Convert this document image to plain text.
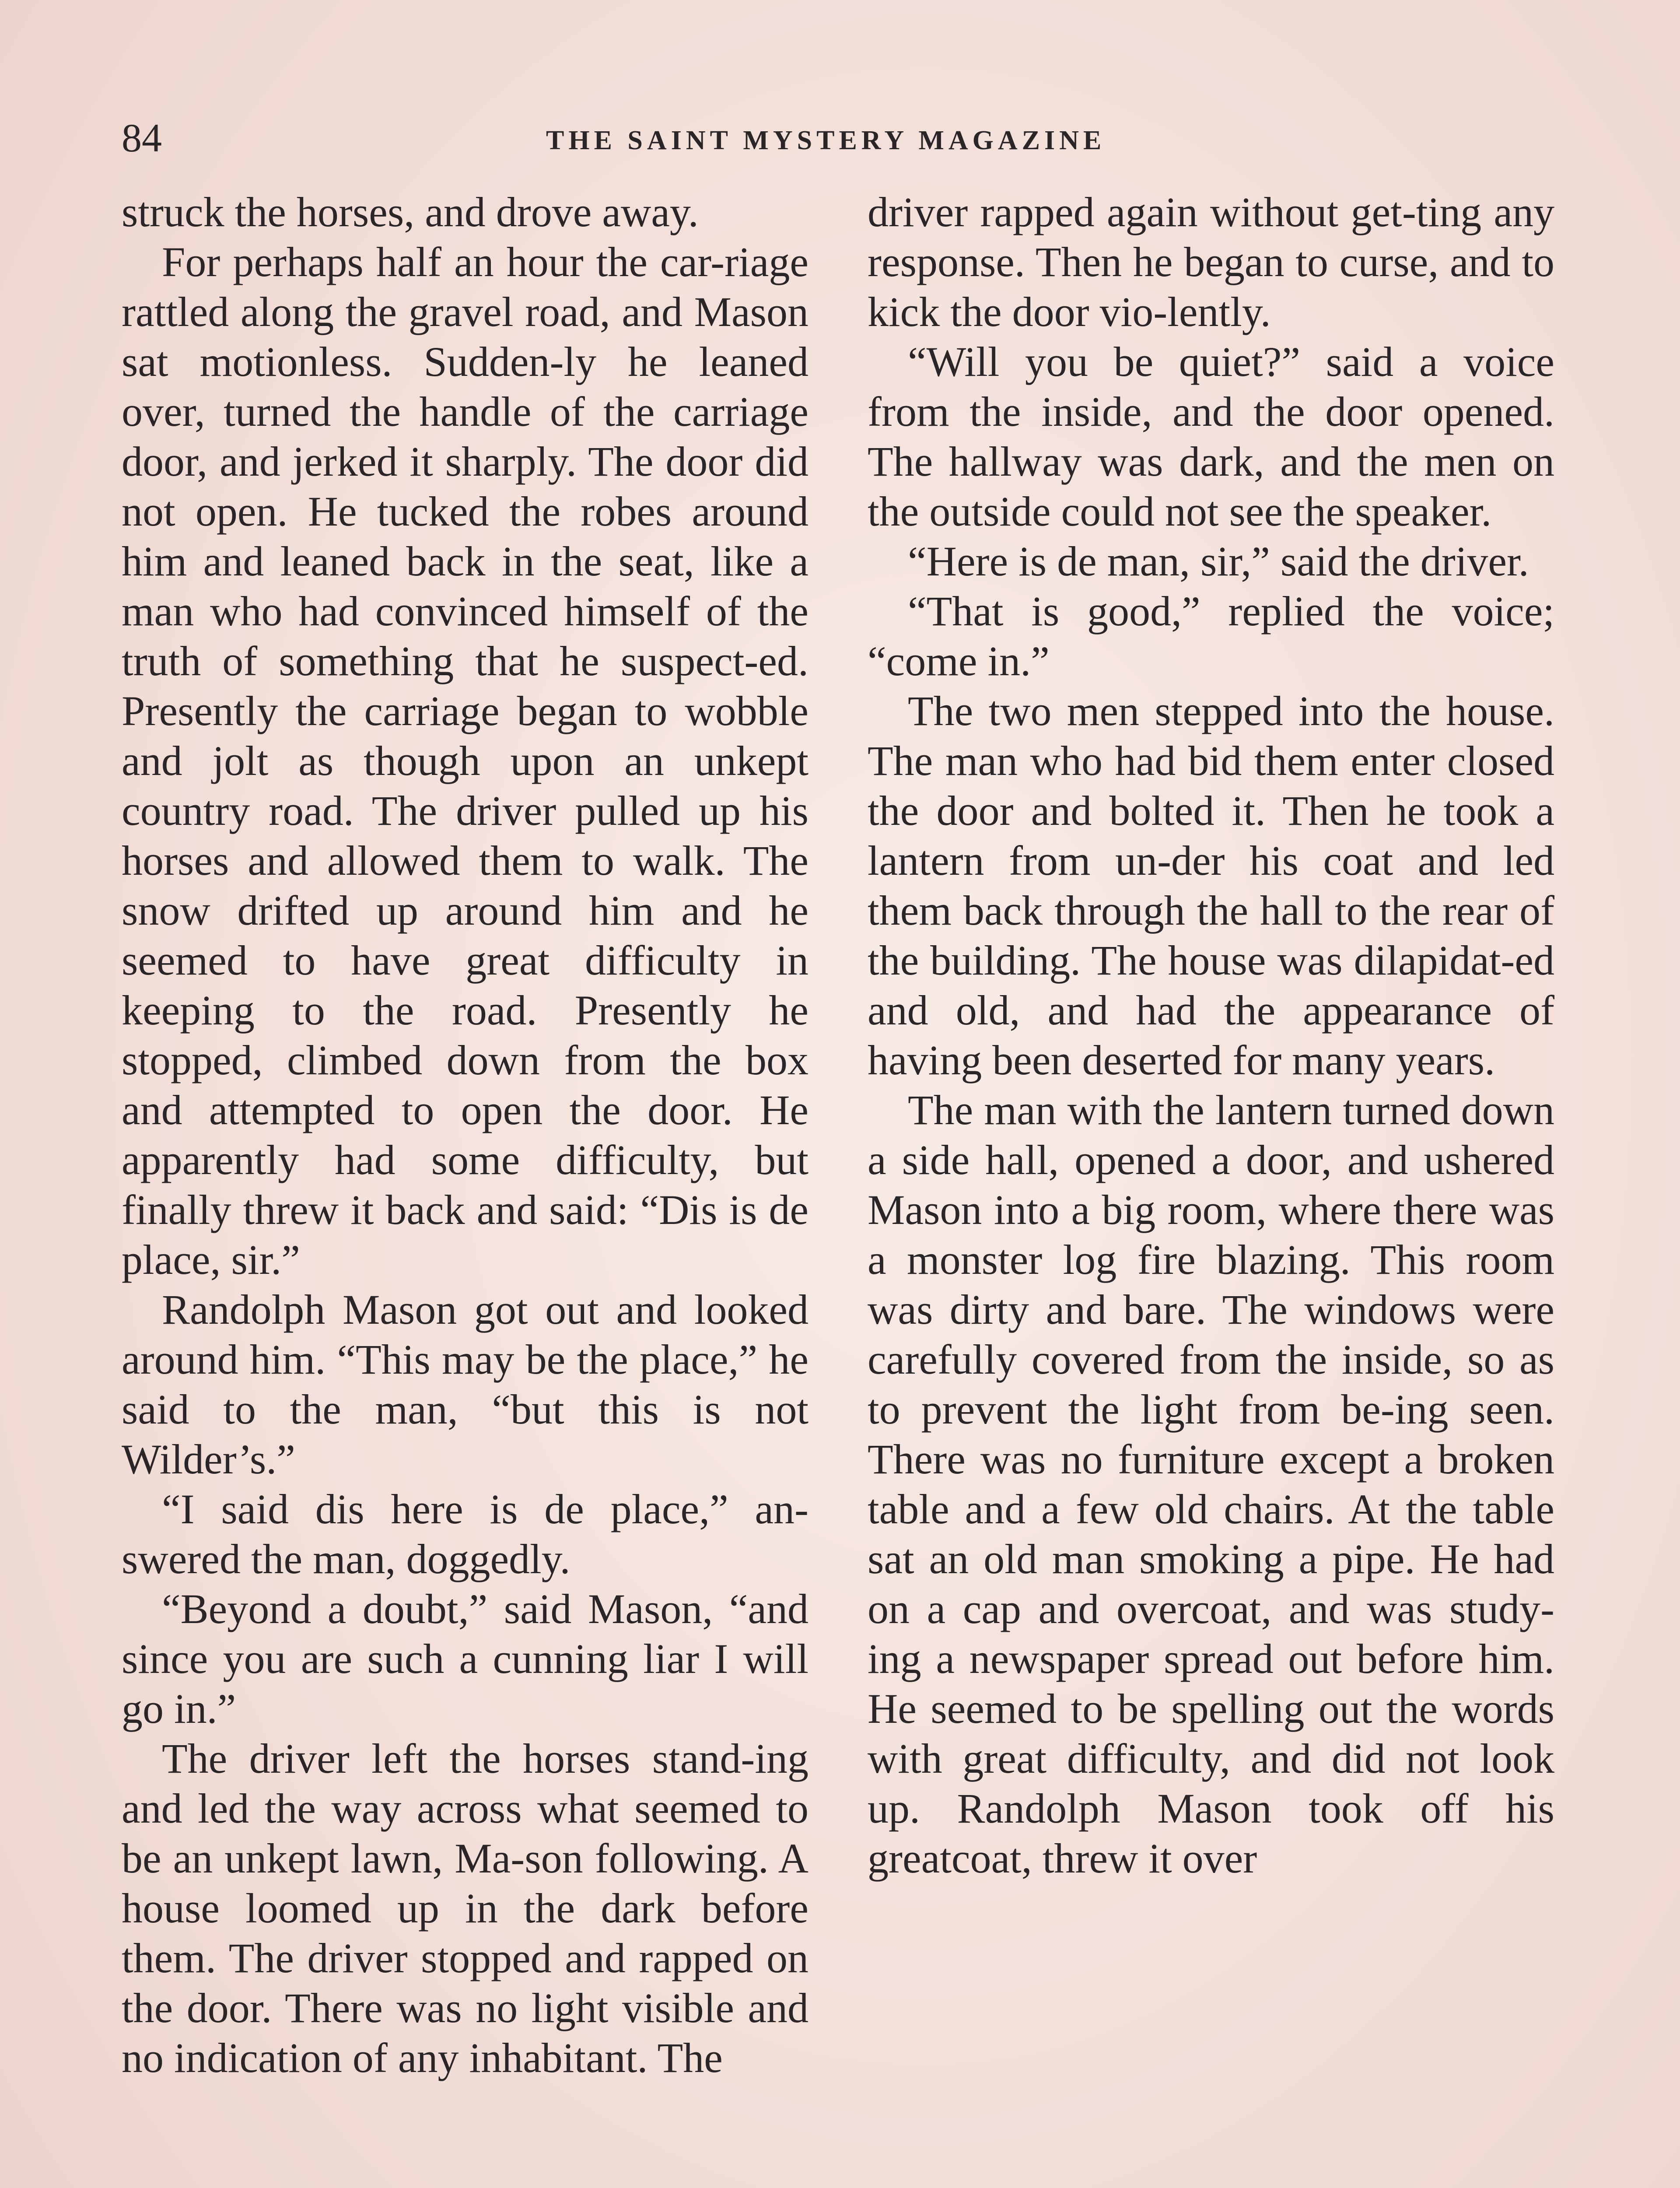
84	THE SAINT MYSTERY MAGAZINE

struck the horses, and drove away.

For perhaps half an hour the car-riage rattled along the gravel road, and Mason sat motionless. Sudden-ly he leaned over, turned the handle of the carriage door, and jerked it sharply. The door did not open. He tucked the robes around him and leaned back in the seat, like a man who had convinced himself of the truth of something that he suspect-ed. Presently the carriage began to wobble and jolt as though upon an unkept country road. The driver pulled up his horses and allowed them to walk. The snow drifted up around him and he seemed to have great difficulty in keeping to the road. Presently he stopped, climbed down from the box and attempted to open the door. He apparently had some difficulty, but finally threw it back and said: “Dis is de place, sir.”

Randolph Mason got out and looked around him. “This may be the place,” he said to the man, “but this is not Wilder’s.”

“I said dis here is de place,” an-swered the man, doggedly.

“Beyond a doubt,” said Mason, “and since you are such a cunning liar I will go in.”

The driver left the horses stand-ing and led the way across what seemed to be an unkept lawn, Ma-son following. A house loomed up in the dark before them. The driver stopped and rapped on the door. There was no light visible and no indication of any inhabitant. The

driver rapped again without get-ting any response. Then he began to curse, and to kick the door vio-lently.

“Will you be quiet?” said a voice from the inside, and the door opened. The hallway was dark, and the men on the outside could not see the speaker.

“Here is de man, sir,” said the driver.

“That is good,” replied the voice; “come in.”

The two men stepped into the house. The man who had bid them enter closed the door and bolted it. Then he took a lantern from un-der his coat and led them back through the hall to the rear of the building. The house was dilapidat-ed and old, and had the appearance of having been deserted for many years.

The man with the lantern turned down a side hall, opened a door, and ushered Mason into a big room, where there was a monster log fire blazing. This room was dirty and bare. The windows were carefully covered from the inside, so as to prevent the light from be-ing seen. There was no furniture except a broken table and a few old chairs. At the table sat an old man smoking a pipe. He had on a cap and overcoat, and was study-ing a newspaper spread out before him. He seemed to be spelling out the words with great difficulty, and did not look up. Randolph Mason took off his greatcoat, threw it over
